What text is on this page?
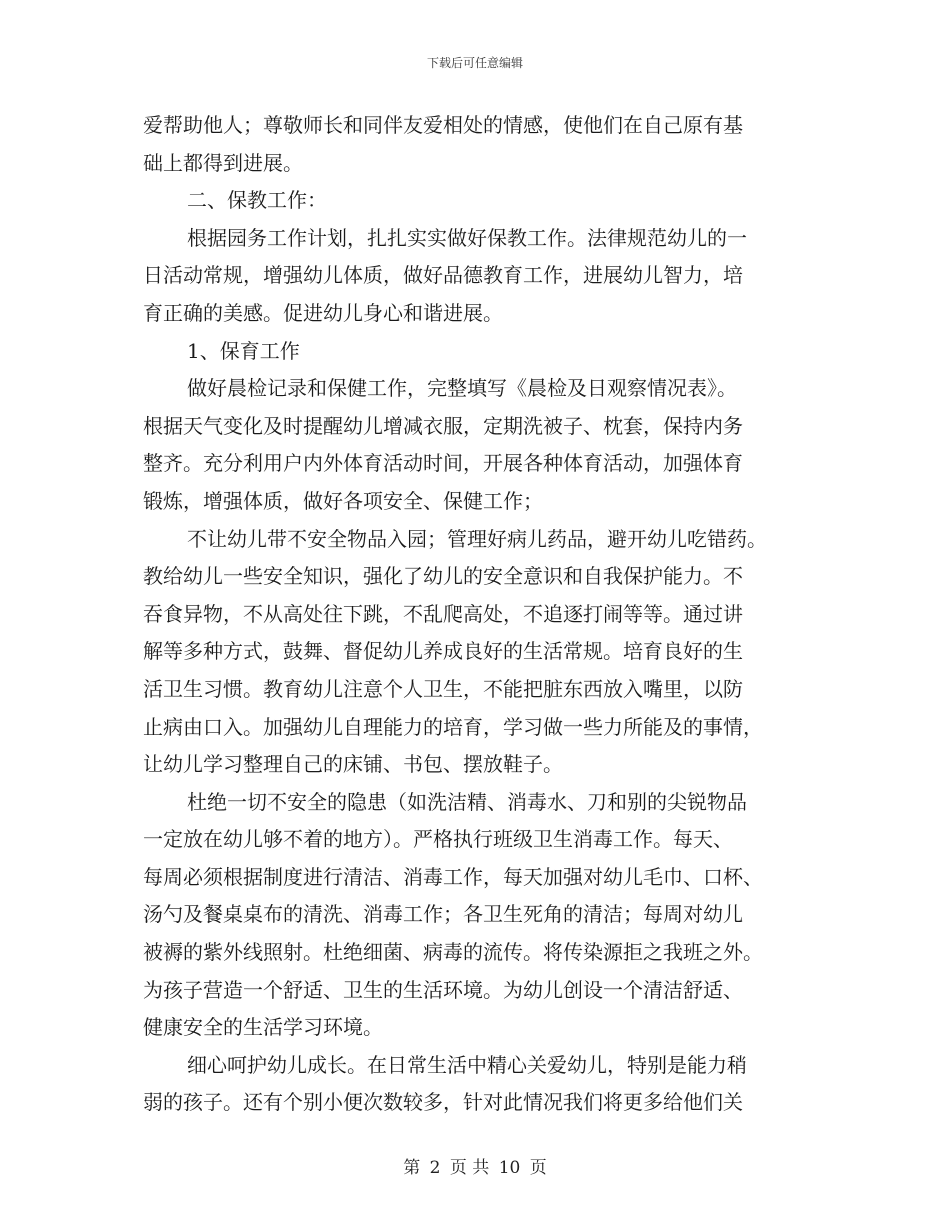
下载后可任意编辑
爱帮助他人；尊敬师长和同伴友爱相处的情感，使他们在自己原有基
础上都得到进展。
二、保教工作：
根据园务工作计划，扎扎实实做好保教工作。法律规范幼儿的一
日活动常规，增强幼儿体质，做好品德教育工作，进展幼儿智力，培
育正确的美感。促进幼儿身心和谐进展。
1、保育工作
做好晨检记录和保健工作，完整填写《晨检及日观察情况表》。
根据天气变化及时提醒幼儿增减衣服，定期洗被子、枕套，保持内务
整齐。充分利用户内外体育活动时间，开展各种体育活动，加强体育
锻炼，增强体质，做好各项安全、保健工作；
不让幼儿带不安全物品入园；管理好病儿药品，避开幼儿吃错药。
教给幼儿一些安全知识，强化了幼儿的安全意识和自我保护能力。不
吞食异物，不从高处往下跳，不乱爬高处，不追逐打闹等等。通过讲
解等多种方式，鼓舞、督促幼儿养成良好的生活常规。培育良好的生
活卫生习惯。教育幼儿注意个人卫生，不能把脏东西放入嘴里，以防
止病由口入。加强幼儿自理能力的培育，学习做一些力所能及的事情，
让幼儿学习整理自己的床铺、书包、摆放鞋子。
杜绝一切不安全的隐患（如洗洁精、消毒水、刀和别的尖锐物品
一定放在幼儿够不着的地方）。严格执行班级卫生消毒工作。每天、
每周必须根据制度进行清洁、消毒工作，每天加强对幼儿毛巾、口杯、
汤勺及餐桌桌布的清洗、消毒工作；各卫生死角的清洁；每周对幼儿
被褥的紫外线照射。杜绝细菌、病毒的流传。将传染源拒之我班之外。
为孩子营造一个舒适、卫生的生活环境。为幼儿创设一个清洁舒适、
健康安全的生活学习环境。
细心呵护幼儿成长。在日常生活中精心关爱幼儿，特别是能力稍
弱的孩子。还有个别小便次数较多，针对此情况我们将更多给他们关
第 2 页 共 10 页
